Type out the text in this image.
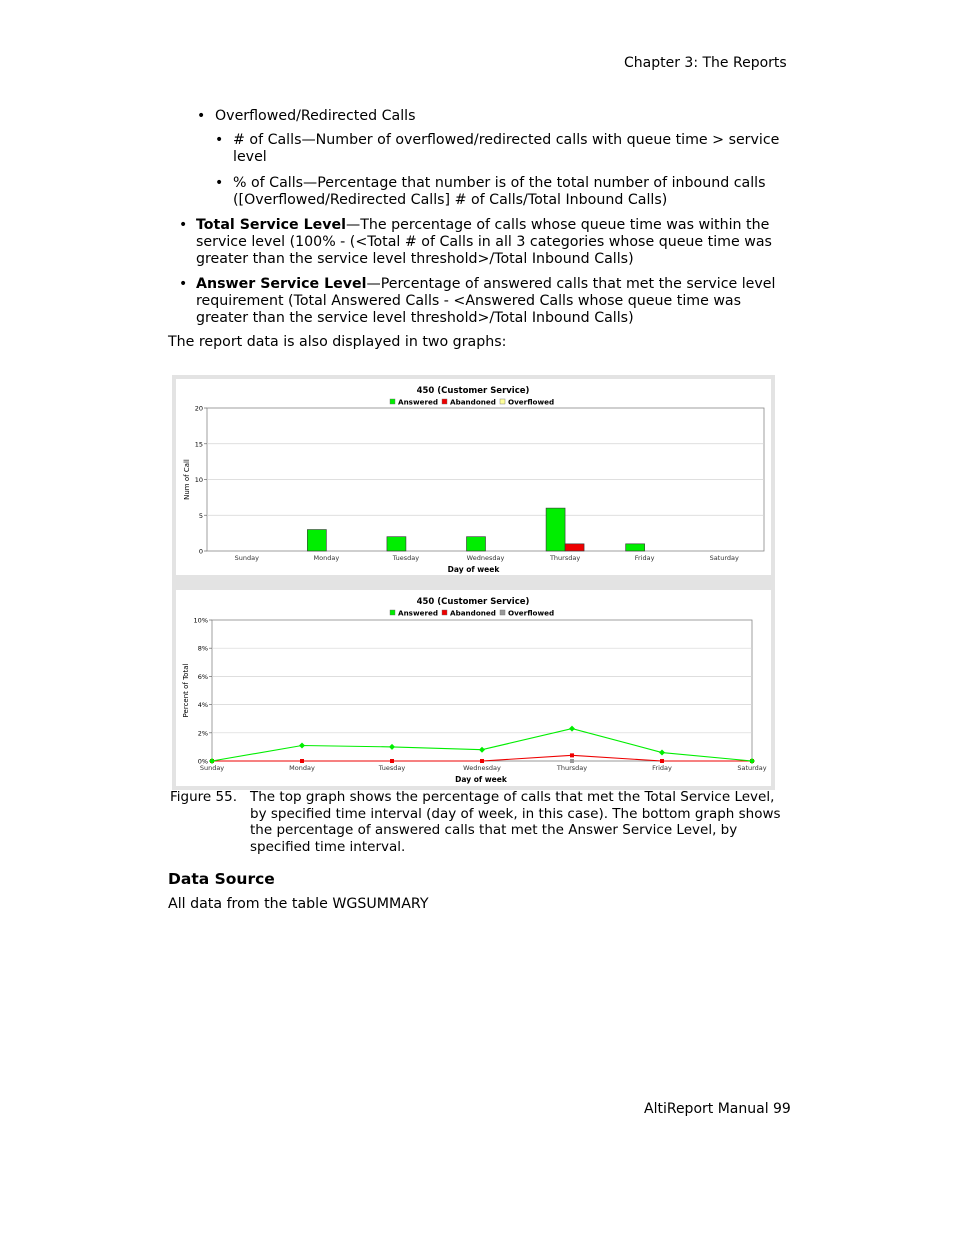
Chapter 3: The Reports
• Overflowed/Redirected Calls
• # of Calls—Number of overflowed/redirected calls with queue time > service level
• % of Calls—Percentage that number is of the total number of inbound calls
([Overflowed/Redirected Calls] # of Calls/Total Inbound Calls)
• Total Service Level—The percentage of calls whose queue time was within the service level (100% - (<Total # of Calls in all 3 categories whose queue time was greater than the service level threshold>/Total Inbound Calls)
• Answer Service Level—Percentage of answered calls that met the service level requirement (Total Answered Calls - <Answered Calls whose queue time was greater than the service level threshold>/Total Inbound Calls)
The report data is also displayed in two graphs:
450 (Customer Service)
Answered Abandoned Overflowed
0
5
10
15
20
Sunday	Monday	Tuesday	Wednesday	Thursday	Friday	Saturday
Day of week
Num of Call
450 (Customer Service)
Answered Abandoned Overflowed
0%
2%
4%
6%
8%
10%
Sunday	Monday	Tuesday	Wednesday	Thursday	Friday	Saturday
Day of week
Percent of Total
Figure 55. The top graph shows the percentage of calls that met the Total Service Level, by specified time interval (day of week, in this case). The bottom graph shows the percentage of answered calls that met the Answer Service Level, by specified time interval.
Data Source
All data from the table WGSUMMARY
AltiReport Manual 99
